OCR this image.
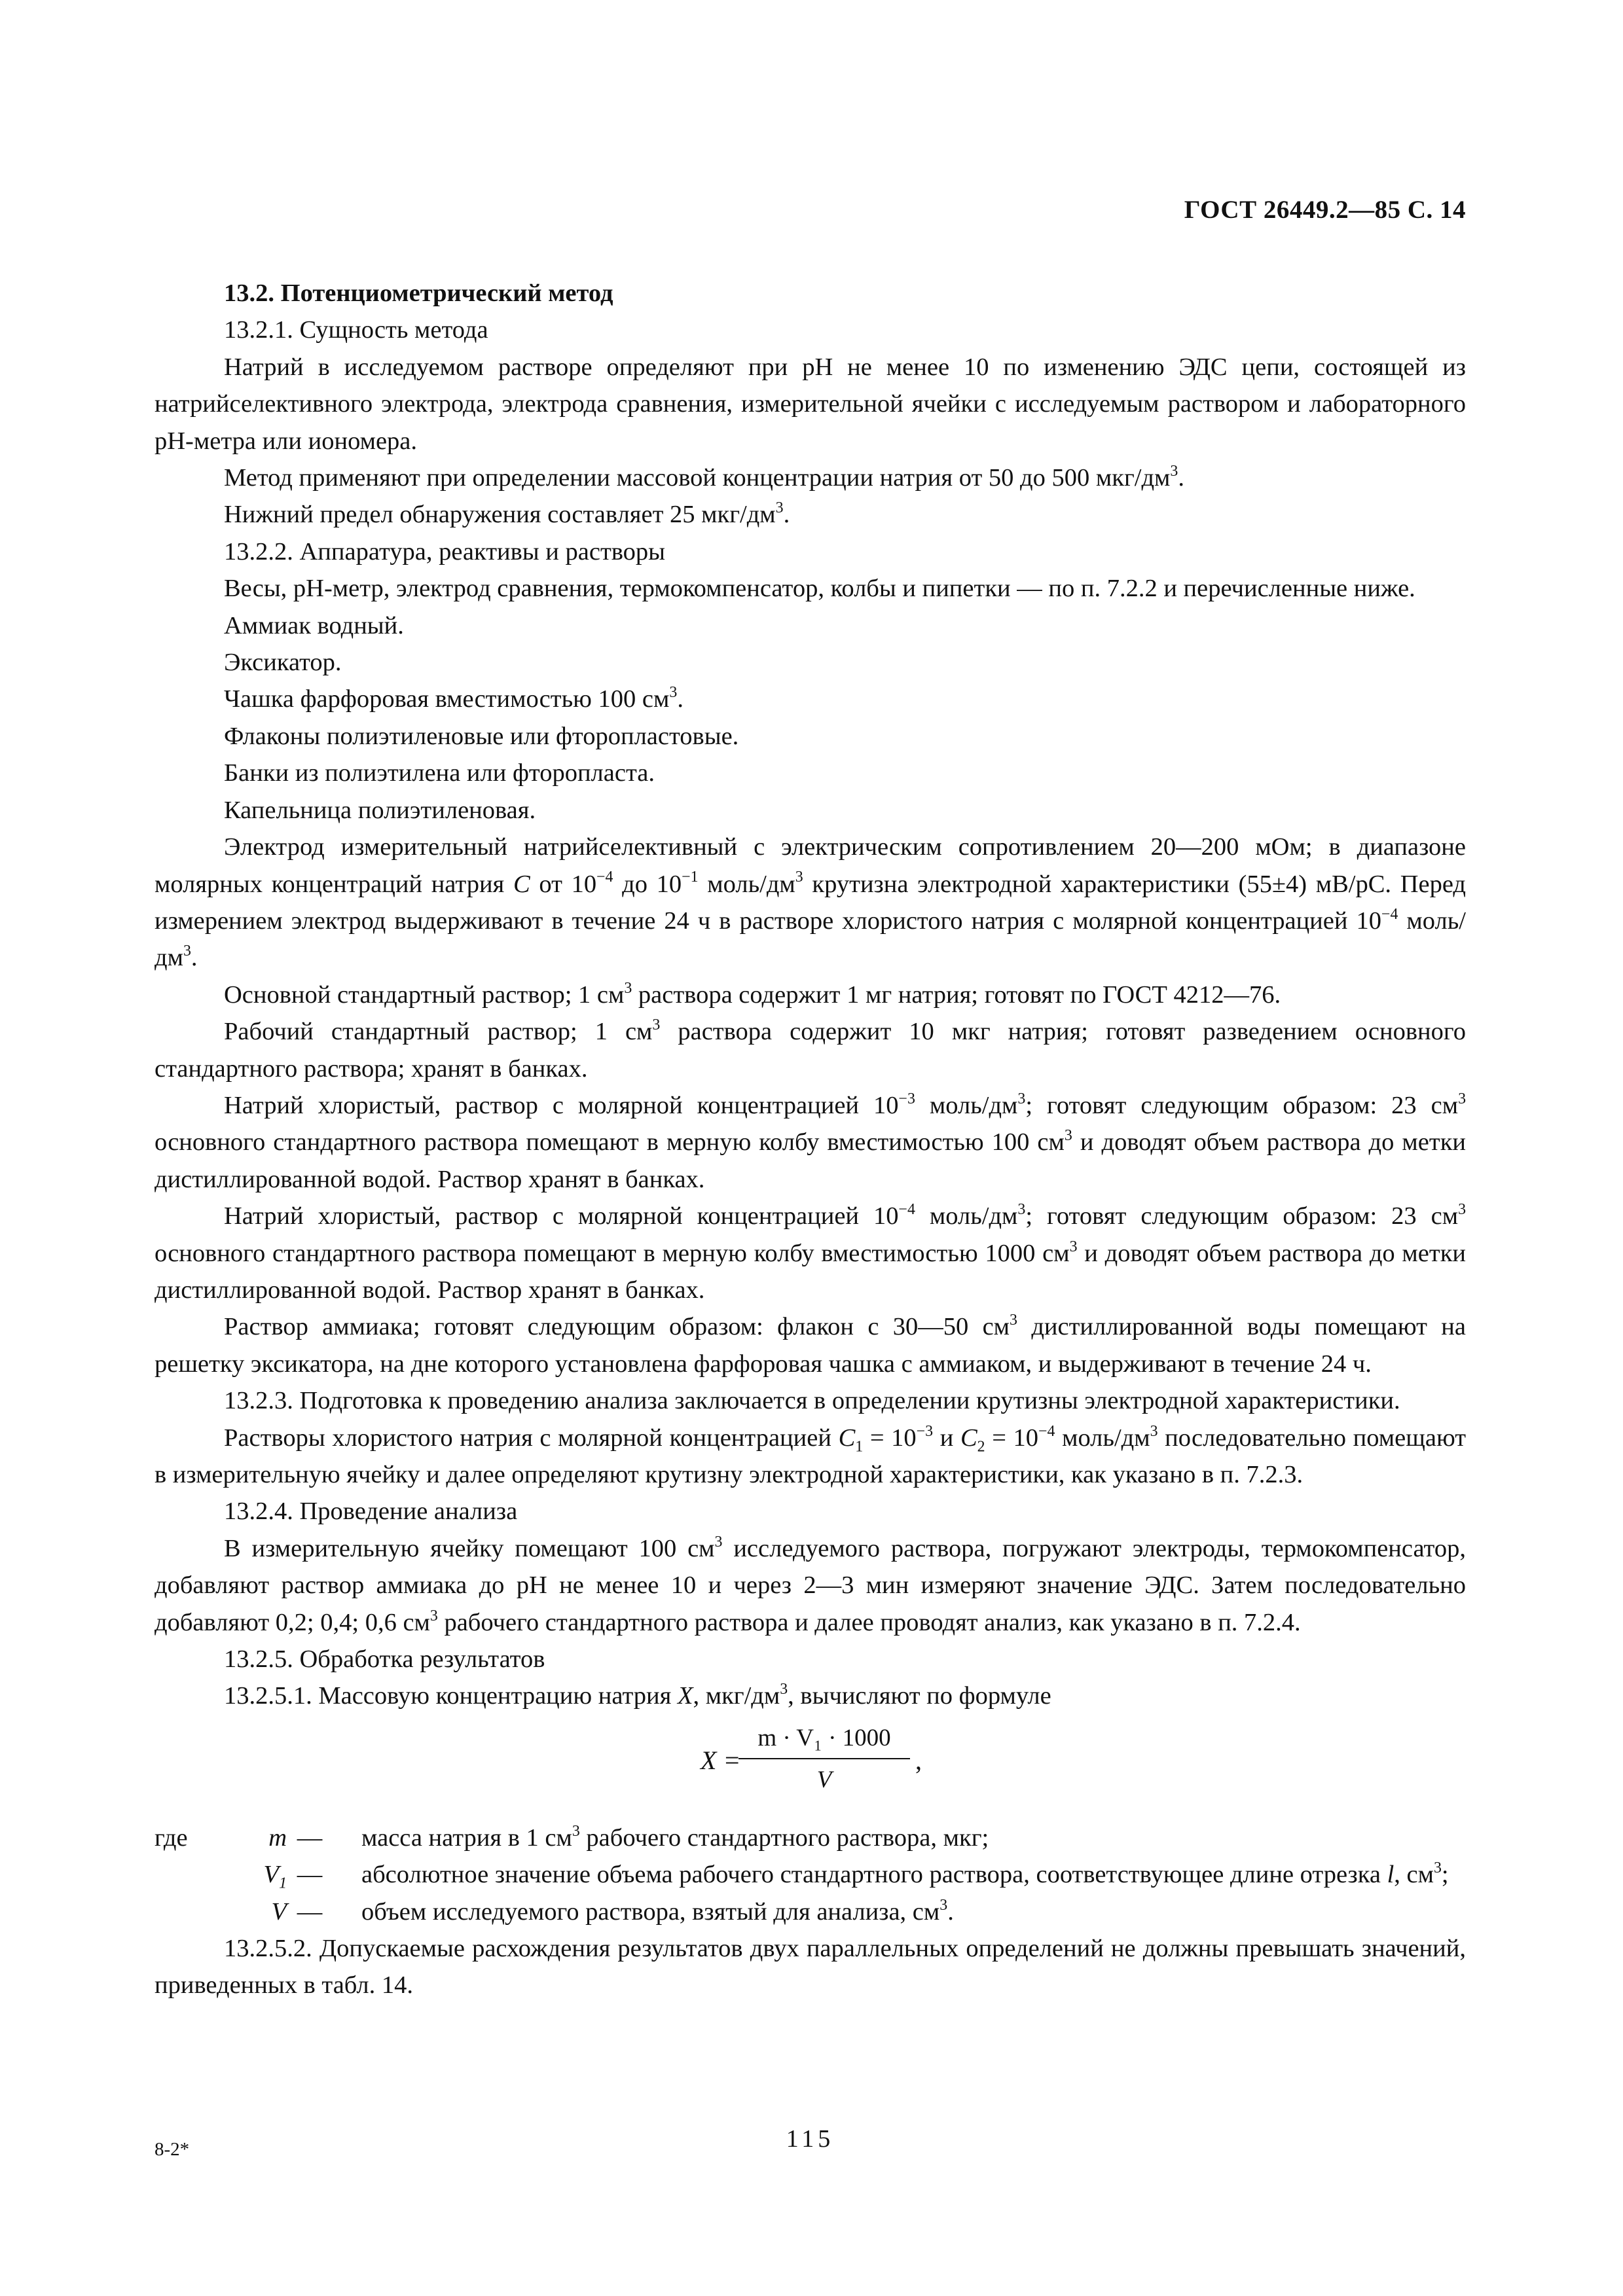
ГОСТ 26449.2—85 С. 14

13.2. Потенциометрический метод

13.2.1. Сущность метода

Натрий в исследуемом растворе определяют при pH не менее 10 по изменению ЭДС цепи, состоящей из натрийселективного электрода, электрода сравнения, измерительной ячейки с исследуемым раствором и лабораторного pH-метра или иономера.

Метод применяют при определении массовой концентрации натрия от 50 до 500 мкг/$дм^3$.

Нижний предел обнаружения составляет 25 мкг/$дм^3$.

13.2.2. Аппаратура, реактивы и растворы

Весы, pH-метр, электрод сравнения, термокомпенсатор, колбы и пипетки — по п. 7.2.2 и перечисленные ниже.

Аммиак водный.

Эксикатор.

Чашка фарфоровая вместимостью 100 $см^3$.

Флаконы полиэтиленовые или фторопластовые.

Банки из полиэтилена или фторопласта.

Капельница полиэтиленовая.

Электрод измерительный натрийселективный с электрическим сопротивлением 20—200 мОм; в диапазоне молярных концентраций натрия C от $10^{-4}$ до $10^{-1}$ моль/$дм^3$ крутизна электродной характеристики (55±4) мВ/рС. Перед измерением электрод выдерживают в течение 24 ч в растворе хлористого натрия с молярной концентрацией $10^{-4}$ моль/$дм^3$.

Основной стандартный раствор; 1 $см^3$ раствора содержит 1 мг натрия; готовят по ГОСТ 4212—76.

Рабочий стандартный раствор; 1 $см^3$ раствора содержит 10 мкг натрия; готовят разведением основного стандартного раствора; хранят в банках.

Натрий хлористый, раствор с молярной концентрацией $10^{-3}$ моль/$дм^3$; готовят следующим образом: 23 $см^3$ основного стандартного раствора помещают в мерную колбу вместимостью 100 $см^3$ и доводят объем раствора до метки дистиллированной водой. Раствор хранят в банках.

Натрий хлористый, раствор с молярной концентрацией $10^{-4}$ моль/$дм^3$; готовят следующим образом: 23 $см^3$ основного стандартного раствора помещают в мерную колбу вместимостью 1000 $см^3$ и доводят объем раствора до метки дистиллированной водой. Раствор хранят в банках.

Раствор аммиака; готовят следующим образом: флакон с 30—50 $см^3$ дистиллированной воды помещают на решетку эксикатора, на дне которого установлена фарфоровая чашка с аммиаком, и выдерживают в течение 24 ч.

13.2.3. Подготовка к проведению анализа заключается в определении крутизны электродной характеристики.

Растворы хлористого натрия с молярной концентрацией $C_1 = 10^{-3}$ и $C_2 = 10^{-4}$ моль/$дм^3$ последовательно помещают в измерительную ячейку и далее определяют крутизну электродной характеристики, как указано в п. 7.2.3.

13.2.4. Проведение анализа

В измерительную ячейку помещают 100 $см^3$ исследуемого раствора, погружают электроды, термокомпенсатор, добавляют раствор аммиака до pH не менее 10 и через 2—3 мин измеряют значение ЭДС. Затем последовательно добавляют 0,2; 0,4; 0,6 $см^3$ рабочего стандартного раствора и далее проводят анализ, как указано в п. 7.2.4.

13.2.5. Обработка результатов

13.2.5.1. Массовую концентрацию натрия X, мкг/$дм^3$, вычисляют по формуле

X =
m · V₁ · 1000
V
,
где	m —	масса натрия в 1 $см^3$ рабочего стандартного раствора, мкг;
$V_1$ —	абсолютное значение объема рабочего стандартного раствора, соответствующее длине отрезка l, $см^3$;
V —	объем исследуемого раствора, взятый для анализа, $см^3$.

13.2.5.2. Допускаемые расхождения результатов двух параллельных определений не должны превышать значений, приведенных в табл. 14.

8-2*	115
